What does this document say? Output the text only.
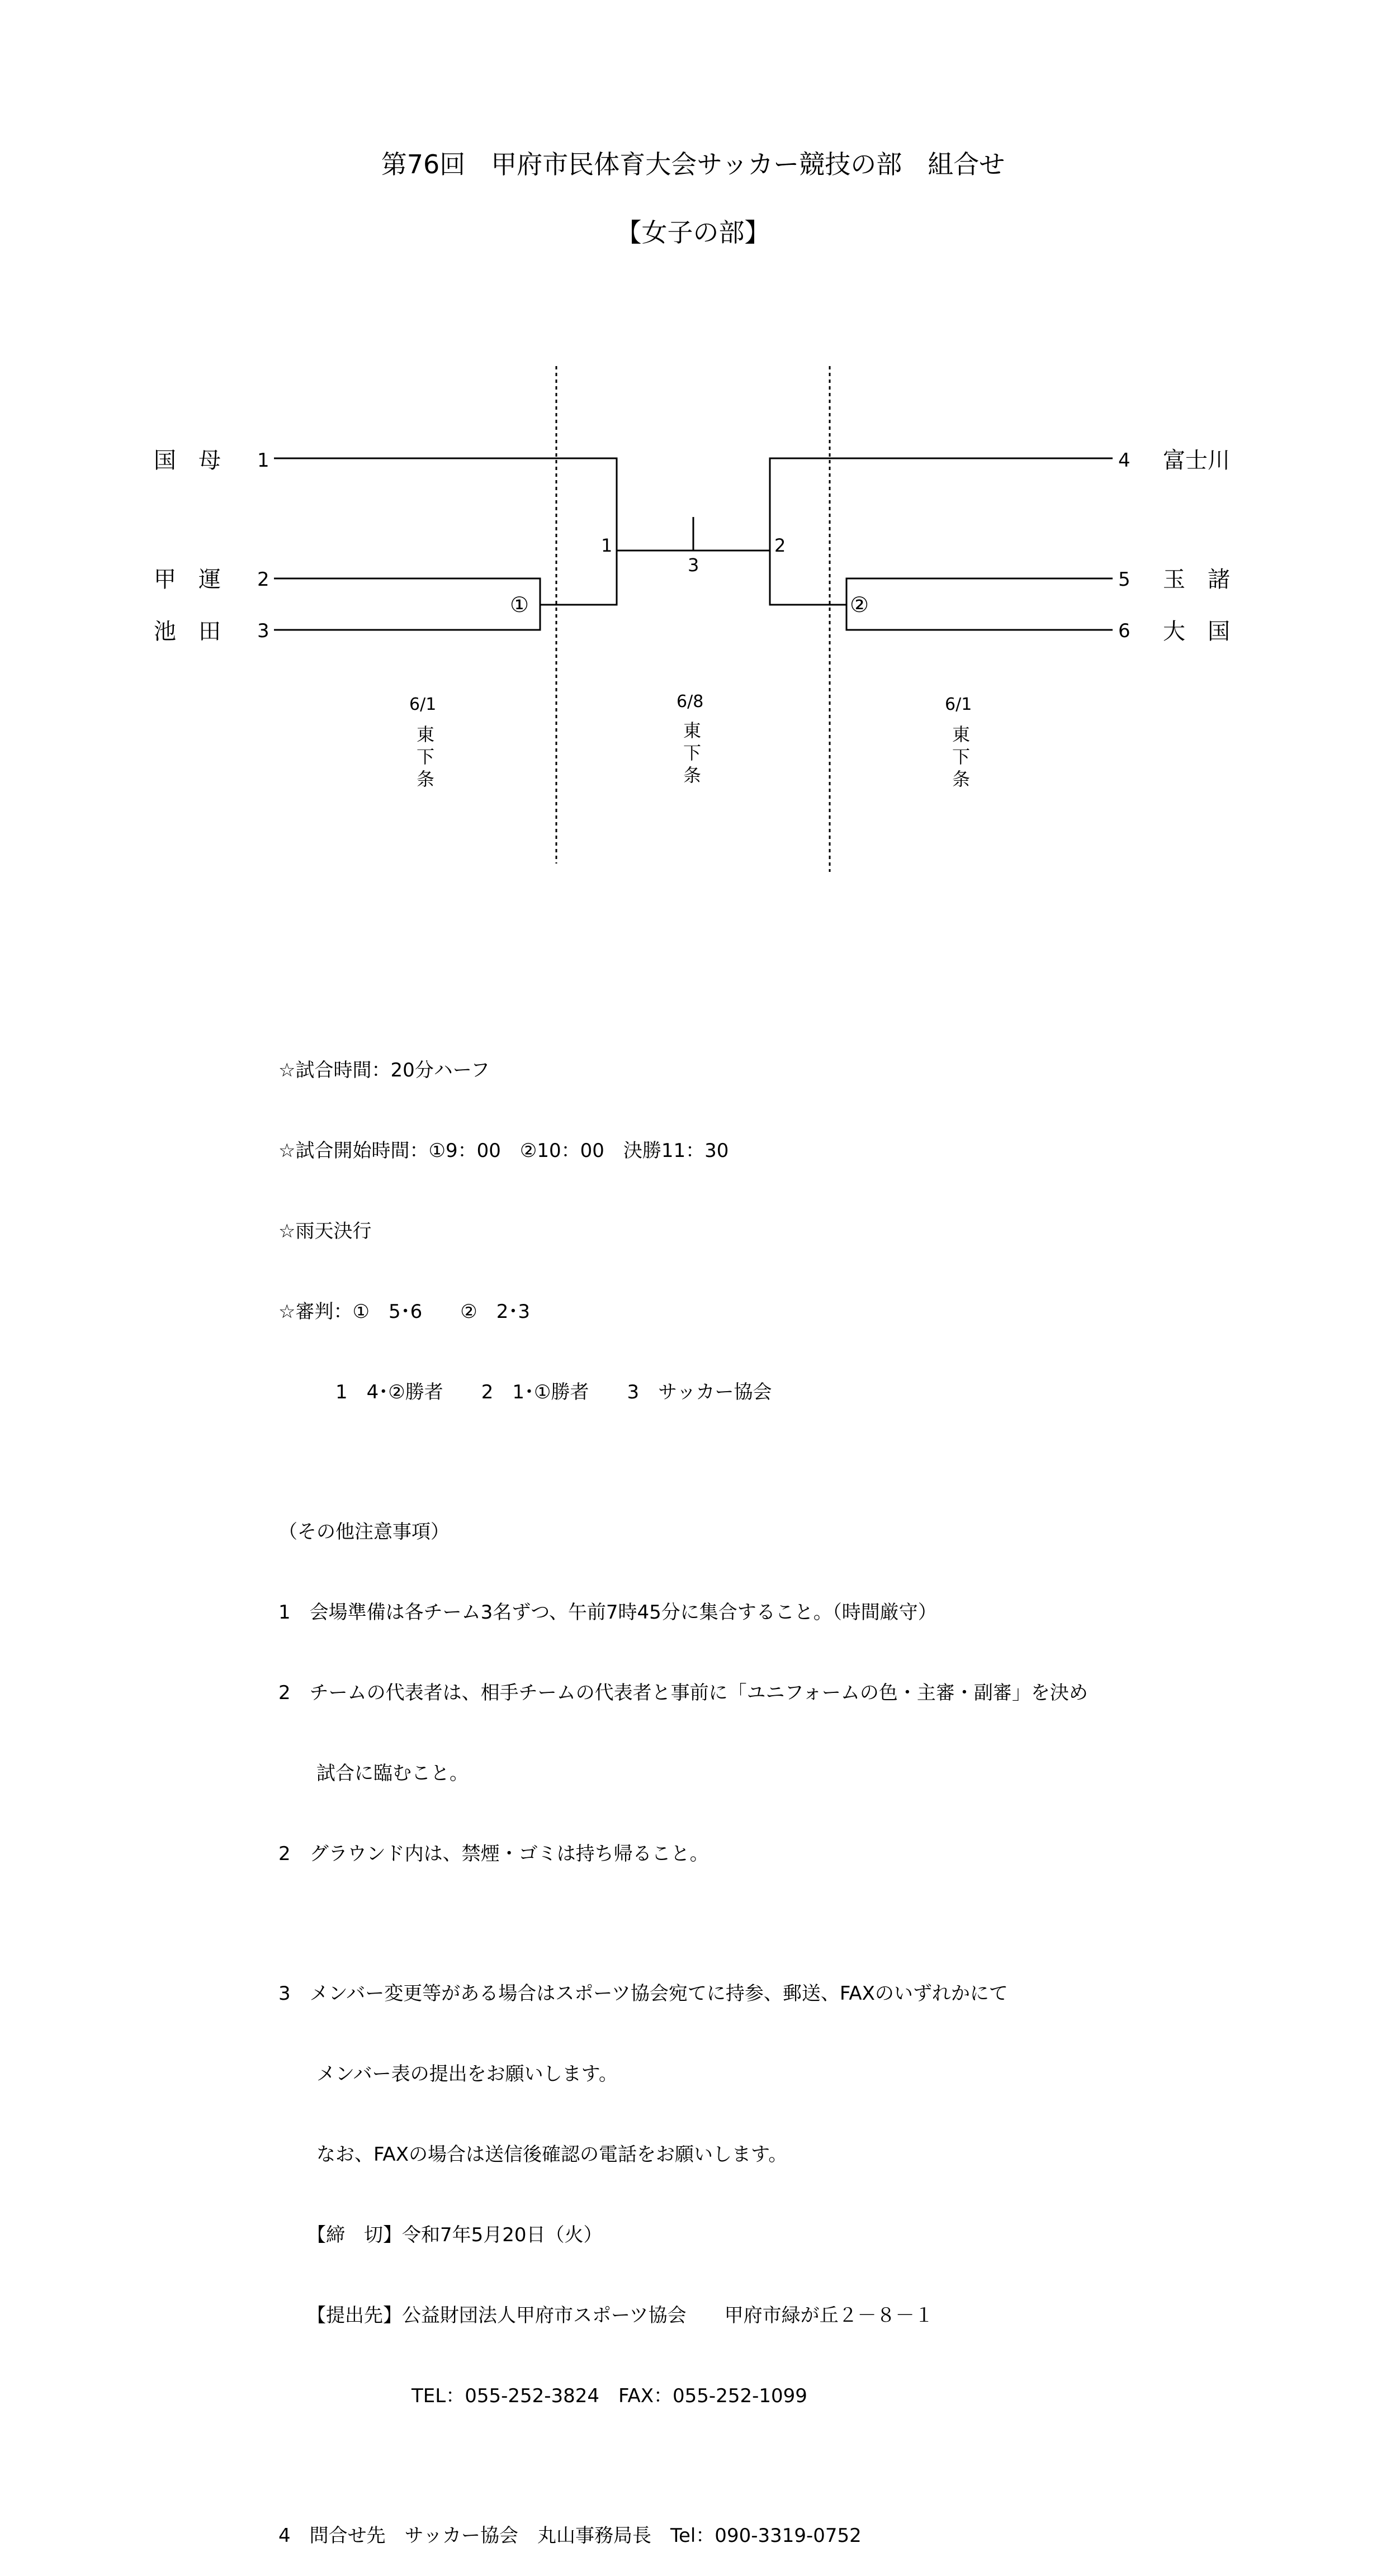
第76回　甲府市民体育大会サッカー競技の部　組合せ
【女子の部】
国　母
甲　運
池　田
1
2
3
4
5
6
富士川
玉　諸
大　国
①	②
1	2
3
6/1	6/8	6/1
東
下
条
東
下
条
東
下
条

☆試合時間：20分ハーフ

☆試合開始時間：①9：00　②10：00　決勝11：30

☆雨天決行

☆審判：①　5･6　　②　2･3

　　　1　4･②勝者　　2　1･①勝者　　3　サッカー協会

（その他注意事項）

1　会場準備は各チーム3名ずつ、午前7時45分に集合すること。（時間厳守）

2　チームの代表者は、相手チームの代表者と事前に「ユニフォームの色・主審・副審」を決め

　　試合に臨むこと。

2　グラウンド内は、禁煙・ゴミは持ち帰ること。

3　メンバー変更等がある場合はスポーツ協会宛てに持参、郵送、FAXのいずれかにて

　　メンバー表の提出をお願いします。

　　なお、FAXの場合は送信後確認の電話をお願いします。

　　【締　切】令和7年5月20日（火）

　　【提出先】公益財団法人甲府市スポーツ協会　　甲府市緑が丘２－８－１

　　　　　　　TEL：055-252-3824　FAX：055-252-1099

4　問合せ先　サッカー協会　丸山事務局長　Tel：090-3319-0752
